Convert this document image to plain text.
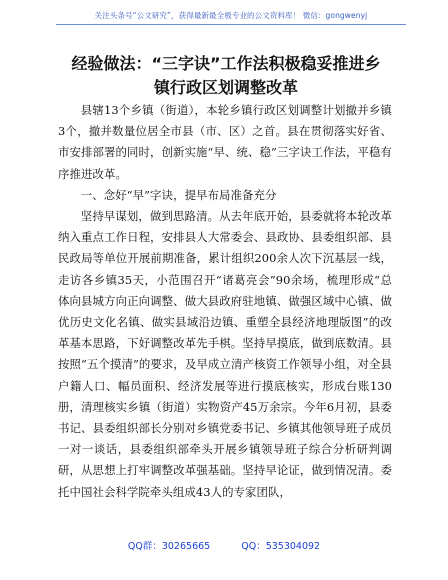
关注头条号“公文研究”，获得最新最全极专业的公文资料库！ 微信：gongwenyj
经验做法：“三字诀”工作法积极稳妥推进乡
镇行政区划调整改革

县辖13个乡镇（街道），本轮乡镇行政区划调整计划撤并乡镇3个，撤并数量位居全市县（市、区）之首。县在贯彻落实好省、市安排部署的同时，创新实施“早、统、稳”三字诀工作法，平稳有序推进改革。

一、念好“早”字诀，提早布局准备充分

坚持早谋划，做到思路清。从去年底开始，县委就将本轮改革纳入重点工作日程，安排县人大常委会、县政协、县委组织部、县民政局等单位开展前期准备，累计组织200余人次下沉基层一线，走访各乡镇35天，小范围召开“诸葛亮会”90余场，梳理形成“总体向县城方向正向调整、做大县政府驻地镇、做强区域中心镇、做优历史文化名镇、做实县域沿边镇、重塑全县经济地理版图”的改革基本思路，下好调整改革先手棋。坚持早摸底，做到底数清。县按照“五个摸清”的要求，及早成立清产核资工作领导小组，对全县户籍人口、幅员面积、经济发展等进行摸底核实，形成台账130册，清理核实乡镇（街道）实物资产45万余宗。今年6月初，县委书记、县委组织部长分别对乡镇党委书记、乡镇其他领导班子成员一对一谈话，县委组织部牵头开展乡镇领导班子综合分析研判调研，从思想上打牢调整改革强基础。坚持早论证，做到情况清。委托中国社会科学院牵头组成43人的专家团队，

QQ群：30265665	QQ：535304092
